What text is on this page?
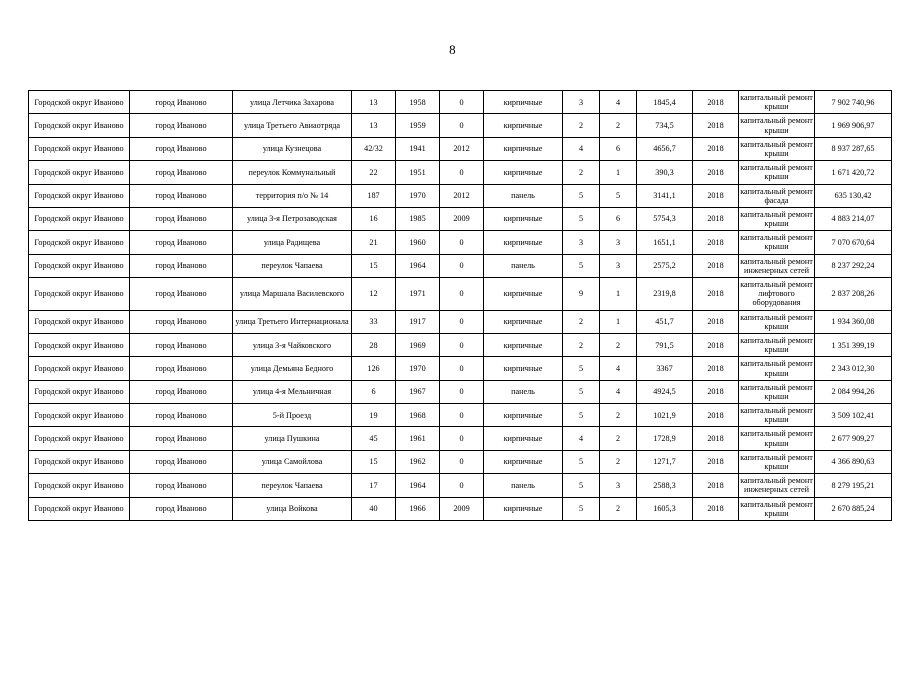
8
Городской округ Иваново	город Иваново	улица Летчика Захарова	13	1958	0	кирпичные	3	4	1845,4	2018	капитальный ремонт крыши	7 902 740,96
Городской округ Иваново	город Иваново	улица Третьего Авиаотряда	13	1959	0	кирпичные	2	2	734,5	2018	капитальный ремонт крыши	1 969 906,97
Городской округ Иваново	город Иваново	улица Кузнецова	42/32	1941	2012	кирпичные	4	6	4656,7	2018	капитальный ремонт крыши	8 937 287,65
Городской округ Иваново	город Иваново	переулок Коммунальный	22	1951	0	кирпичные	2	1	390,3	2018	капитальный ремонт крыши	1 671 420,72
Городской округ Иваново	город Иваново	территория п/о № 14	187	1970	2012	панель	5	5	3141,1	2018	капитальный ремонт фасада	635 130,42
Городской округ Иваново	город Иваново	улица 3-я Петрозаводская	16	1985	2009	кирпичные	5	6	5754,3	2018	капитальный ремонт крыши	4 883 214,07
Городской округ Иваново	город Иваново	улица Радищева	21	1960	0	кирпичные	3	3	1651,1	2018	капитальный ремонт крыши	7 070 670,64
Городской округ Иваново	город Иваново	переулок Чапаева	15	1964	0	панель	5	3	2575,2	2018	капитальный ремонт инженерных сетей	8 237 292,24
Городской округ Иваново	город Иваново	улица Маршала Василевского	12	1971	0	кирпичные	9	1	2319,8	2018	капитальный ремонт лифтового оборудования	2 837 208,26
Городской округ Иваново	город Иваново	улица Третьего Интернационала	33	1917	0	кирпичные	2	1	451,7	2018	капитальный ремонт крыши	1 934 360,08
Городской округ Иваново	город Иваново	улица 3-я Чайковского	28	1969	0	кирпичные	2	2	791,5	2018	капитальный ремонт крыши	1 351 399,19
Городской округ Иваново	город Иваново	улица Демьяна Бедного	126	1970	0	кирпичные	5	4	3367	2018	капитальный ремонт крыши	2 343 012,30
Городской округ Иваново	город Иваново	улица 4-я Мельничная	6	1967	0	панель	5	4	4924,5	2018	капитальный ремонт крыши	2 084 994,26
Городской округ Иваново	город Иваново	5-й Проезд	19	1968	0	кирпичные	5	2	1021,9	2018	капитальный ремонт крыши	3 509 102,41
Городской округ Иваново	город Иваново	улица Пушкина	45	1961	0	кирпичные	4	2	1728,9	2018	капитальный ремонт крыши	2 677 909,27
Городской округ Иваново	город Иваново	улица Самойлова	15	1962	0	кирпичные	5	2	1271,7	2018	капитальный ремонт крыши	4 366 890,63
Городской округ Иваново	город Иваново	переулок Чапаева	17	1964	0	панель	5	3	2588,3	2018	капитальный ремонт инженерных сетей	8 279 195,21
Городской округ Иваново	город Иваново	улица Войкова	40	1966	2009	кирпичные	5	2	1605,3	2018	капитальный ремонт крыши	2 670 885,24
